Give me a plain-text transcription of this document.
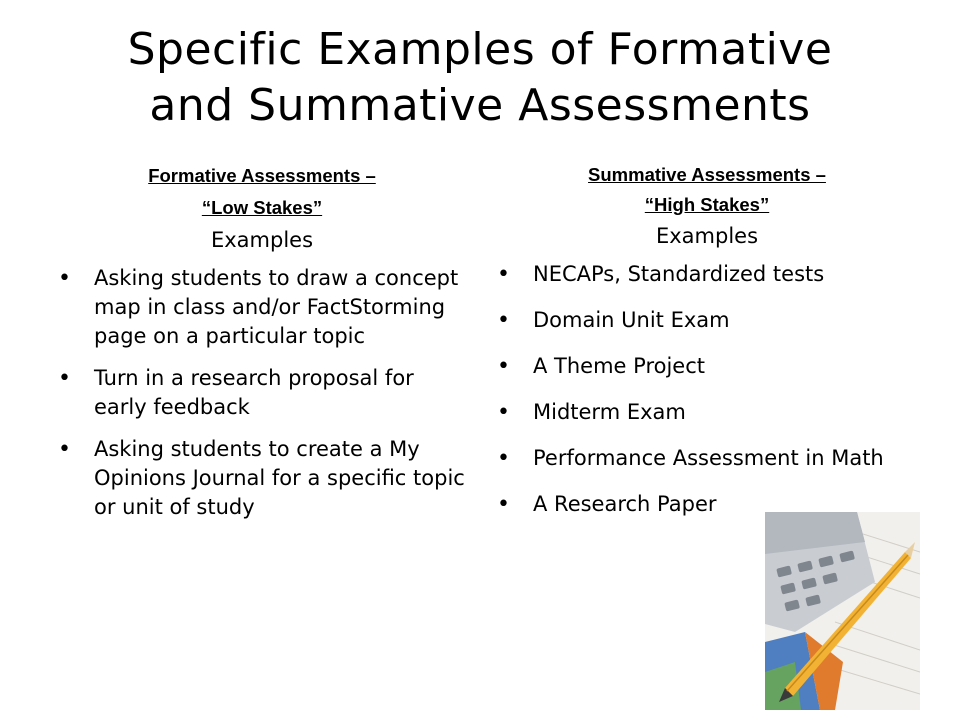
Specific Examples of Formative
and Summative Assessments

Formative Assessments –
“Low Stakes”

Examples

• Asking students to draw a concept map in class and/or FactStorming page on a particular topic
• Turn in a research proposal for early feedback
• Asking students to create a My Opinions Journal for a specific topic or unit of study

Summative Assessments –
“High Stakes”

Examples

• NECAPs, Standardized tests
• Domain Unit Exam
• A Theme Project
• Midterm Exam
• Performance Assessment in Math
• A Research Paper
